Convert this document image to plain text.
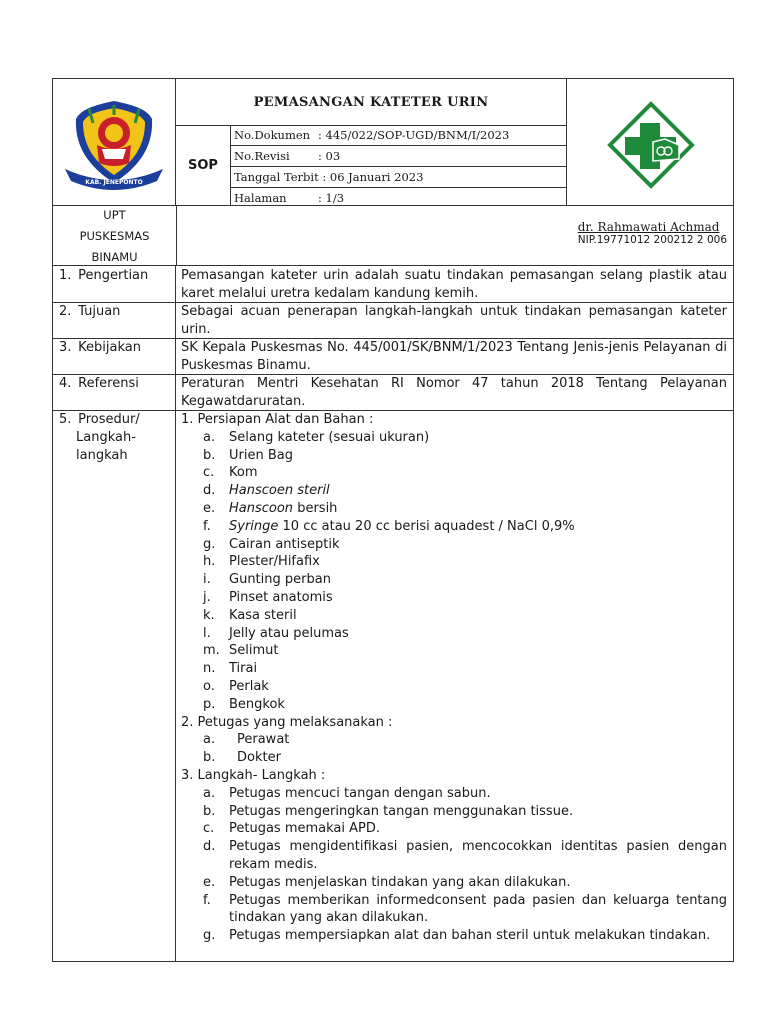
KAB. JENEPONTO
PEMASANGAN KATETER URIN
SOP
No.Dokumen : 445/022/SOP-UGD/BNM/I/2023
No.Revisi : 03
Tanggal Terbit : 06 Januari 2023
Halaman	: 1/3
UPT
PUSKESMAS
BINAMU
dr. Rahmawati Achmad
NIP.19771012 200212 2 006
1. Pengertian	Pemasangan kateter urin adalah suatu tindakan pemasangan selang plastik atau karet melalui uretra kedalam kandung kemih.
2. Tujuan	Sebagai acuan penerapan langkah-langkah untuk tindakan pemasangan kateter urin.
3. Kebijakan	SK Kepala Puskesmas No. 445/001/SK/BNM/1/2023 Tentang Jenis-jenis Pelayanan di Puskesmas Binamu.
4. Referensi	Peraturan Mentri Kesehatan RI Nomor 47 tahun 2018 Tentang Pelayanan Kegawatdaruratan.
5. Prosedur/
Langkah-
langkah
1. Persiapan Alat dan Bahan :
a. Selang kateter (sesuai ukuran)
b. Urien Bag
c. Kom
d. Hanscoen steril
e. Hanscoon bersih
f. Syringe 10 cc atau 20 cc berisi aquadest / NaCl 0,9%
g. Cairan antiseptik
h. Plester/Hifafix
i. Gunting perban
j. Pinset anatomis
k. Kasa steril
l. Jelly atau pelumas
m. Selimut
n. Tirai
o. Perlak
p. Bengkok
2. Petugas yang melaksanakan :
a. Perawat
b. Dokter
3. Langkah- Langkah :
a. Petugas mencuci tangan dengan sabun.
b. Petugas mengeringkan tangan menggunakan tissue.
c. Petugas memakai APD.
d. Petugas mengidentifikasi pasien, mencocokkan identitas pasien dengan rekam medis.
e. Petugas menjelaskan tindakan yang akan dilakukan.
f. Petugas memberikan informedconsent pada pasien dan keluarga tentang tindakan yang akan dilakukan.
g. Petugas mempersiapkan alat dan bahan steril untuk melakukan tindakan.
